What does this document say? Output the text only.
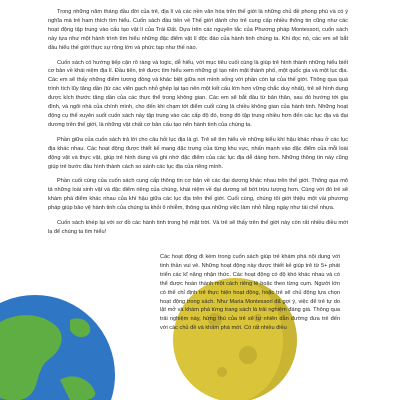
Trong những năm tháng đầu đời của trẻ, địa lí và các nền văn hóa trên thế giới là những chủ đề phong phú và có ý nghĩa mà trẻ ham thích tìm hiểu. Cuốn sách đầu tiên về Thế giới dành cho trẻ cung cấp nhiều thông tin cũng như các hoạt động tập trung vào cấu tạo vật lí của Trái Đất. Dựa trên các nguyên tắc của Phương pháp Montessori, cuốn sách này tựa như một hành trình tìm hiểu những đặc điểm vật lí độc đáo của hành tinh chúng ta. Khi đọc nó, các em sẽ bắt đầu hiểu thế giới thực sự rộng lớn và phức tạp như thế nào.

Cuốn sách có hướng tiếp cận rõ ràng và logic, dễ hiểu, với mục tiêu cuối cùng là giúp trẻ hình thành những hiểu biết cơ bản về khái niệm địa lí. Đầu tiên, trẻ được tìm hiểu xem những gì tạo nên mặt thành phố, một quốc gia và một lục địa. Các em sẽ thấy những điểm tương đồng và khác biệt giữa nơi mình sống với phần còn lại của thế giới. Thông qua quá trình tích lũy tăng dần (từ các viên gạch nhỏ ghép lại tạo nên một kết cấu lớn hơn vững chắc duy nhất), trẻ sẽ hình dung được kích thước tăng dần của các thực thể trong không gian. Các em sẽ bắt đầu từ bản thân, sau đó hướng tới gia đình, và ngôi nhà của chính mình, cho đến khi chạm tới điểm cuối cùng là chiều không gian của hành tinh. Những hoạt động cụ thể xuyên suốt cuốn sách này tập trung vào các cấp độ đó, trong đó tập trung nhiều hơn đến các lục địa và đại dương trên thế giới, là những vật chất cơ bản cấu tạo nên hành tinh của chúng ta.

Phần giữa của cuốn sách trả lời cho câu hỏi lục địa là gì. Trẻ sẽ tìm hiểu về những kiểu khí hậu khác nhau ở các lục địa khác nhau. Các hoạt động được thiết kế mang đặc trưng của từng khu vực, nhấn mạnh vào đặc điểm của mỗi loài động vật và thực vật, giúp trẻ hình dung và ghi nhớ đặc điểm của các lục địa dễ dàng hơn. Những thông tin này cũng giúp trẻ bước đầu hình thành cách so sánh các lục địa của riêng mình.

Phần cuối cùng của cuốn sách cung cấp thông tin cơ bản về các đại dương khác nhau trên thế giới. Thông qua mô tả những loài sinh vật và đặc điểm riêng của chúng, khái niệm về đại dương sẽ bớt trừu tượng hơn. Cùng với đó trẻ sẽ khám phá điểm khác nhau của khí hậu giữa các lục địa trên thế giới. Cuối cùng, chúng tôi giới thiệu một vài phương pháp giúp bảo vệ hành tinh của chúng ta khỏi ô nhiễm, thông qua những việc làm nhỏ hằng ngày như tái chế nhựa.

Cuốn sách khép lại với sơ đồ các hành tinh trong hệ mặt trời. Và trẻ sẽ thấy trên thế giới này còn rất nhiều điều mới lạ để chúng ta tìm hiểu!

Các hoạt động đi kèm trong cuốn sách giúp trẻ khám phá nội dung với tinh thần vui vẻ. Những hoạt động này được thiết kế giúp trẻ từ 5+ phát triển các kĩ năng nhận thức. Các hoạt động có độ khó khác nhau và có thể được hoàn thành một cách riêng lẻ hoặc theo từng cụm. Người lớn có thể chỉ định trẻ thực hiện hoạt động, hoặc trẻ sẽ chủ động lựa chọn hoạt động trong sách. Như Maria Montessori đã gợi ý, việc để trẻ tự do lặt mở và khám phá từng trang sách là trải nghiệm đáng giá. Thông qua trải nghiệm này, hứng thú của trẻ sẽ tự nhiên dẫn đường đưa trẻ đến với các chủ đề và khám phá mới. Có rất nhiều điều
